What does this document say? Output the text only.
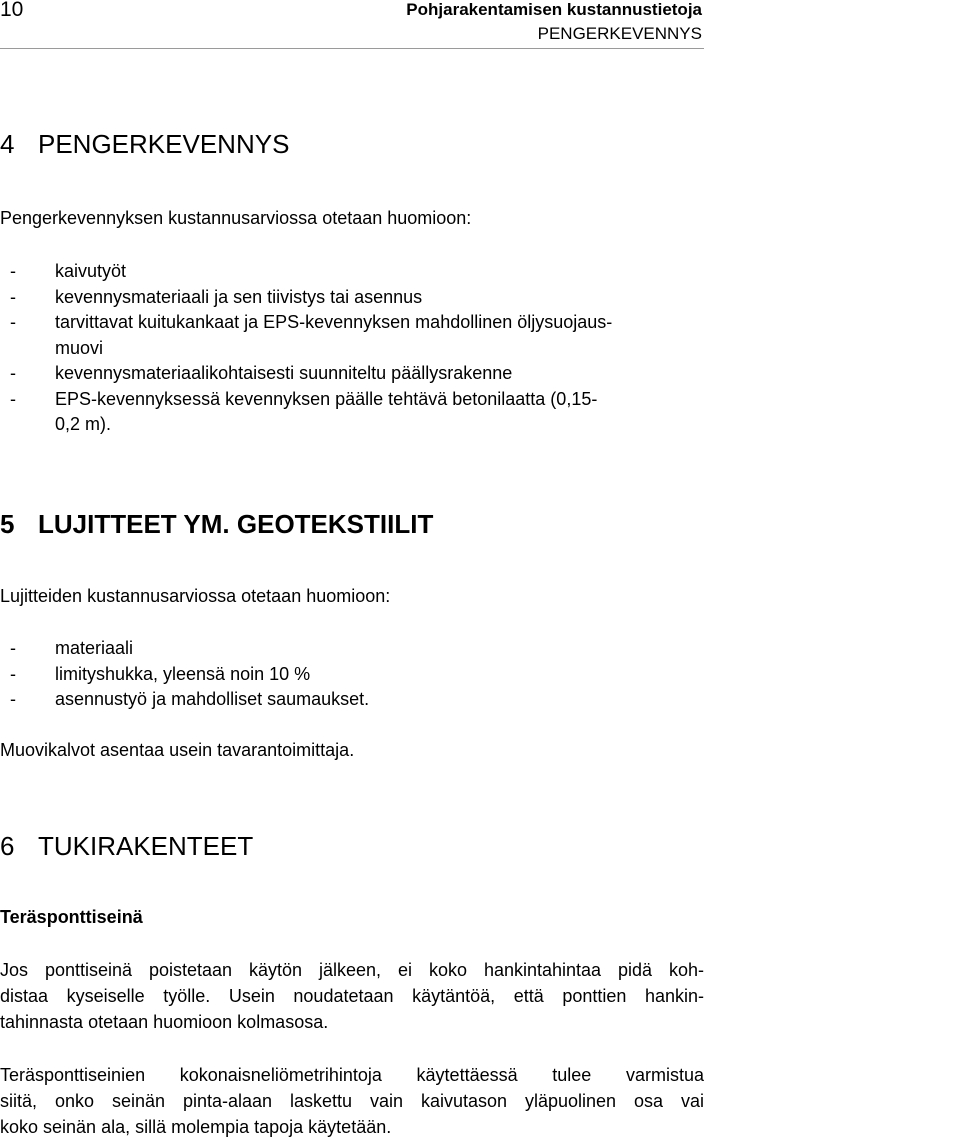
10	Pohjarakentamisen kustannustietoja
PENGERKEVENNYS
4 PENGERKEVENNYS
Pengerkevennyksen kustannusarviossa otetaan huomioon:
- kaivutyöt
- kevennysmateriaali ja sen tiivistys tai asennus
- tarvittavat kuitukankaat ja EPS-kevennyksen mahdollinen öljysuojaus-
muovi
- kevennysmateriaalikohtaisesti suunniteltu päällysrakenne
- EPS-kevennyksessä kevennyksen päälle tehtävä betonilaatta (0,15-
0,2 m).
5 LUJITTEET YM. GEOTEKSTIILIT
Lujitteiden kustannusarviossa otetaan huomioon:
- materiaali
- limityshukka, yleensä noin 10 %
- asennustyö ja mahdolliset saumaukset.
Muovikalvot asentaa usein tavarantoimittaja.
6 TUKIRAKENTEET
Teräsponttiseinä
Jos ponttiseinä poistetaan käytön jälkeen, ei koko hankintahintaa pidä koh-
distaa kyseiselle työlle. Usein noudatetaan käytäntöä, että ponttien hankin-
tahinnasta otetaan huomioon kolmasosa.
Teräsponttiseinien kokonaisneliömetrihintoja käytettäessä tulee varmistua
siitä, onko seinän pinta-alaan laskettu vain kaivutason yläpuolinen osa vai
koko seinän ala, sillä molempia tapoja käytetään.
